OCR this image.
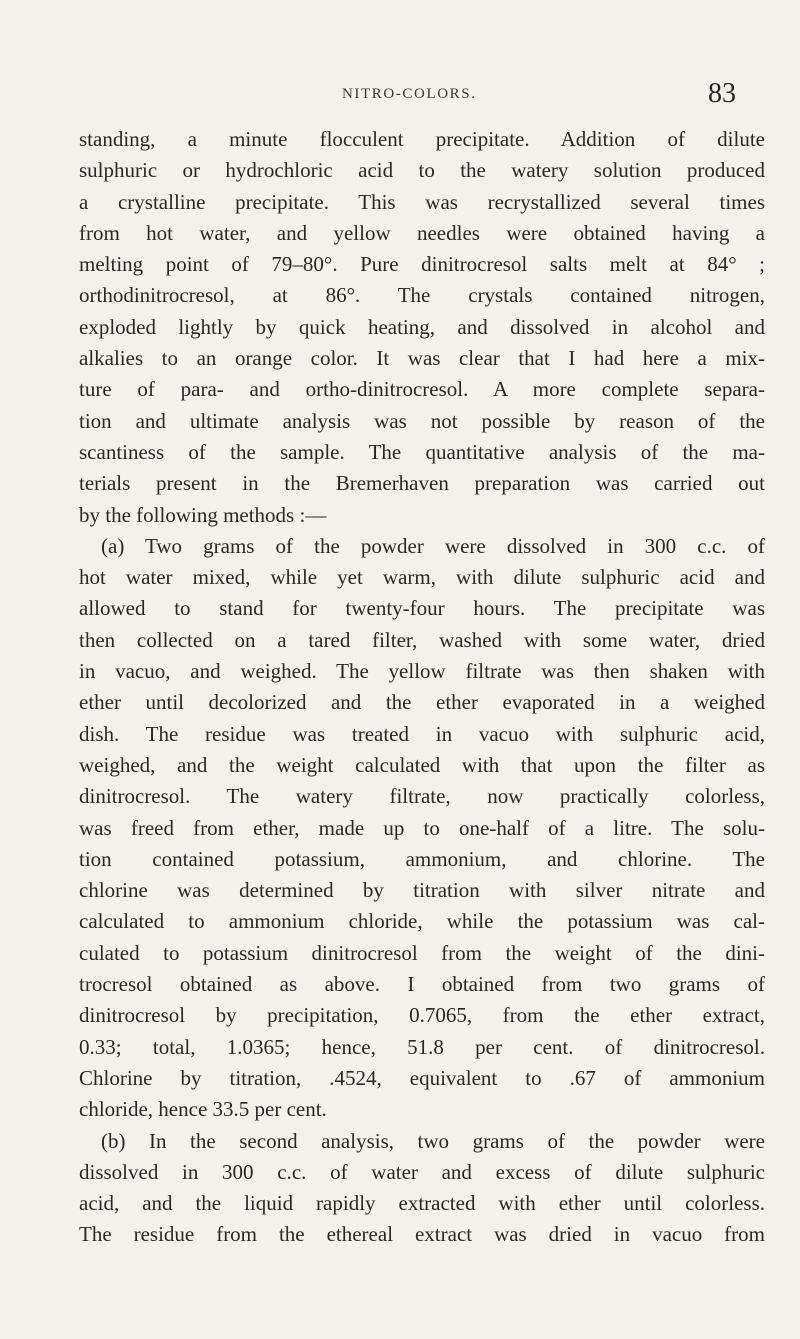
NITRO-COLORS.	83
standing, a minute flocculent precipitate. Addition of dilute
sulphuric or hydrochloric acid to the watery solution produced
a crystalline precipitate. This was recrystallized several times
from hot water, and yellow needles were obtained having a
melting point of 79–80°. Pure dinitrocresol salts melt at 84° ;
orthodinitrocresol, at 86°. The crystals contained nitrogen,
exploded lightly by quick heating, and dissolved in alcohol and
alkalies to an orange color. It was clear that I had here a mix-
ture of para- and ortho-dinitrocresol. A more complete separa-
tion and ultimate analysis was not possible by reason of the
scantiness of the sample. The quantitative analysis of the ma-
terials present in the Bremerhaven preparation was carried out
by the following methods :—
(a) Two grams of the powder were dissolved in 300 c.c. of
hot water mixed, while yet warm, with dilute sulphuric acid and
allowed to stand for twenty-four hours. The precipitate was
then collected on a tared filter, washed with some water, dried
in vacuo, and weighed. The yellow filtrate was then shaken with
ether until decolorized and the ether evaporated in a weighed
dish. The residue was treated in vacuo with sulphuric acid,
weighed, and the weight calculated with that upon the filter as
dinitrocresol. The watery filtrate, now practically colorless,
was freed from ether, made up to one-half of a litre. The solu-
tion contained potassium, ammonium, and chlorine. The
chlorine was determined by titration with silver nitrate and
calculated to ammonium chloride, while the potassium was cal-
culated to potassium dinitrocresol from the weight of the dini-
trocresol obtained as above. I obtained from two grams of
dinitrocresol by precipitation, 0.7065, from the ether extract,
0.33; total, 1.0365; hence, 51.8 per cent. of dinitrocresol.
Chlorine by titration, .4524, equivalent to .67 of ammonium
chloride, hence 33.5 per cent.
(b) In the second analysis, two grams of the powder were
dissolved in 300 c.c. of water and excess of dilute sulphuric
acid, and the liquid rapidly extracted with ether until colorless.
The residue from the ethereal extract was dried in vacuo from
